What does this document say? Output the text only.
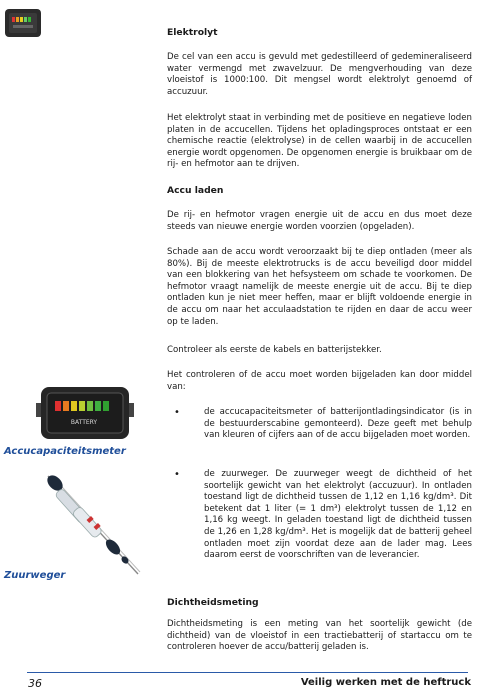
Elektrolyt

De cel van een accu is gevuld met gedestilleerd of gedemineraliseerd water vermengd met zwavelzuur. De mengverhouding van deze vloeistof is 1000:100. Dit mengsel wordt elektrolyt genoemd of accuzuur.

Het elektrolyt staat in verbinding met de positieve en negatieve loden platen in de accucellen. Tijdens het opladingsproces ontstaat er een chemische reactie (elektrolyse) in de cellen waarbij in de accucellen energie wordt opgenomen. De opgenomen energie is bruikbaar om de rij- en hefmotor aan te drijven.

Accu laden

De rij- en hefmotor vragen energie uit de accu en dus moet deze steeds van nieuwe energie worden voorzien (opgeladen).

Schade aan de accu wordt veroorzaakt bij te diep ontladen (meer als 80%). Bij de meeste elektrotrucks is de accu beveiligd door middel van een blokkering van het hefsysteem om schade te voorkomen. De hefmotor vraagt namelijk de meeste energie uit de accu. Bij te diep ontladen kun je niet meer heffen, maar er blijft voldoende energie in de accu om naar het acculaadstation te rijden en daar de accu weer op te laden.

Controleer als eerste de kabels en batterijstekker.

Het controleren of de accu moet worden bijgeladen kan door middel van:

•	de accucapaciteitsmeter of batterijontladingsindicator (is in de bestuurderscabine gemonteerd). Deze geeft met behulp van kleuren of cijfers aan of de accu bijgeladen moet worden.
•	de zuurweger. De zuurweger weegt de dichtheid of het soortelijk gewicht van het elektrolyt (accuzuur). In ontladen toestand ligt de dichtheid tussen de 1,12 en 1,16 kg/dm³. Dit betekent dat 1 liter (= 1 dm³) elektrolyt tussen de 1,12 en 1,16 kg weegt. In geladen toestand ligt de dichtheid tussen de 1,26 en 1,28 kg/dm³. Het is mogelijk dat de batterij geheel ontladen moet zijn voordat deze aan de lader mag. Lees daarom eerst de voorschriften van de leverancier.
Dichtheidsmeting

Dichtheidsmeting is een meting van het soortelijk gewicht (de dichtheid) van de vloeistof in een tractiebatterij of startaccu om te controleren hoever de accu/batterij geladen is.

BATTERY
Accucapaciteitsmeter
Zuurweger
36	Veilig werken met de heftruck
